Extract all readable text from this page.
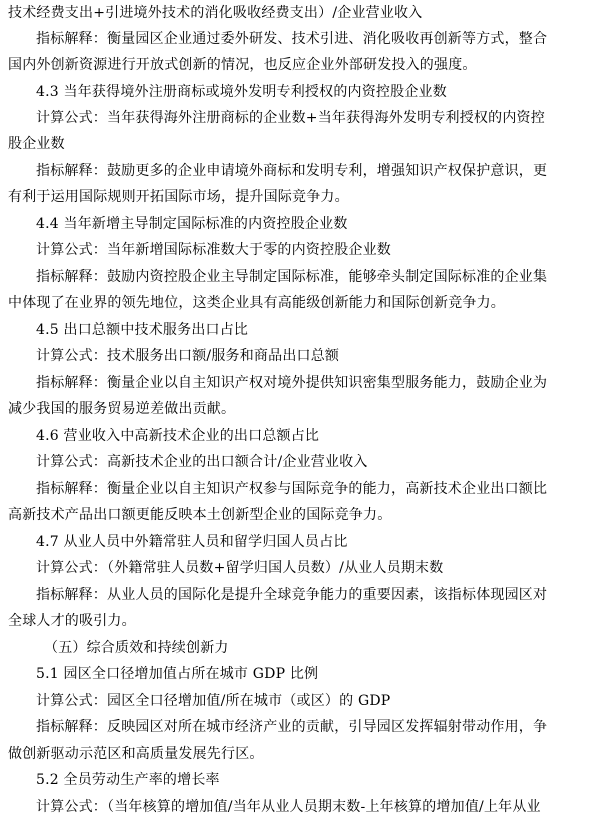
技术经费支出+引进境外技术的消化吸收经费支出）/企业营业收入
指标解释：衡量园区企业通过委外研发、技术引进、消化吸收再创新等方式，整合
国内外创新资源进行开放式创新的情况，也反应企业外部研发投入的强度。
4.3 当年获得境外注册商标或境外发明专利授权的内资控股企业数
计算公式：当年获得海外注册商标的企业数+当年获得海外发明专利授权的内资控
股企业数
指标解释：鼓励更多的企业申请境外商标和发明专利，增强知识产权保护意识，更
有利于运用国际规则开拓国际市场，提升国际竞争力。
4.4 当年新增主导制定国际标准的内资控股企业数
计算公式：当年新增国际标准数大于零的内资控股企业数
指标解释：鼓励内资控股企业主导制定国际标准，能够牵头制定国际标准的企业集
中体现了在业界的领先地位，这类企业具有高能级创新能力和国际创新竞争力。
4.5 出口总额中技术服务出口占比
计算公式：技术服务出口额/服务和商品出口总额
指标解释：衡量企业以自主知识产权对境外提供知识密集型服务能力，鼓励企业为
减少我国的服务贸易逆差做出贡献。
4.6 营业收入中高新技术企业的出口总额占比
计算公式：高新技术企业的出口额合计/企业营业收入
指标解释：衡量企业以自主知识产权参与国际竞争的能力，高新技术企业出口额比
高新技术产品出口额更能反映本土创新型企业的国际竞争力。
4.7 从业人员中外籍常驻人员和留学归国人员占比
计算公式：（外籍常驻人员数+留学归国人员数）/从业人员期末数
指标解释：从业人员的国际化是提升全球竞争能力的重要因素，该指标体现园区对
全球人才的吸引力。
（五）综合质效和持续创新力
5.1 园区全口径增加值占所在城市 GDP 比例
计算公式：园区全口径增加值/所在城市（或区）的 GDP
指标解释：反映园区对所在城市经济产业的贡献，引导园区发挥辐射带动作用，争
做创新驱动示范区和高质量发展先行区。
5.2 全员劳动生产率的增长率
计算公式：（当年核算的增加值/当年从业人员期末数-上年核算的增加值/上年从业
